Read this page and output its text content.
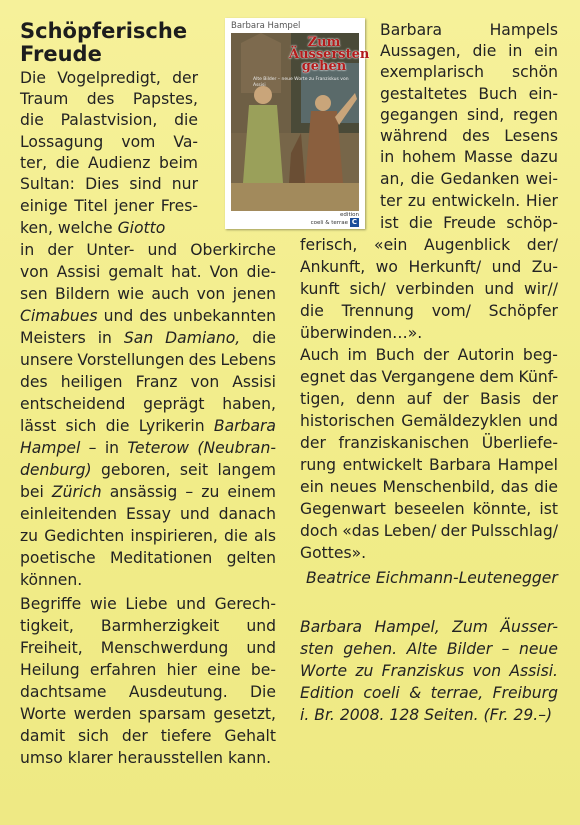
Schöpferische
Freude
Barbara Hampel
Zum
Äussersten
gehen
Alte Bilder – neue Worte zu Franziskus von Assisi
edition
coeli & terrae C
Die Vogelpredigt, der
Traum des Papstes,
die Palastvision, die
Lossagung vom Va-
ter, die Audienz beim
Sultan: Dies sind nur
einige Titel jener Fres-
ken, welche Giotto
in der Unter- und Oberkirche
von Assisi gemalt hat. Von die-
sen Bildern wie auch von jenen
Cimabues und des unbekannten
Meisters in San Damiano, die
unsere Vorstellungen des Lebens
des heiligen Franz von Assisi
entscheidend geprägt haben,
lässt sich die Lyrikerin Barbara
Hampel – in Teterow (Neubran-
denburg) geboren, seit langem
bei Zürich ansässig – zu einem
einleitenden Essay und danach
zu Gedichten inspirieren, die als
poetische Meditationen gelten
können.
Begriffe wie Liebe und Gerech-
tigkeit, Barmherzigkeit und
Freiheit, Menschwerdung und
Heilung erfahren hier eine be-
dachtsame Ausdeutung. Die
Worte werden sparsam gesetzt,
damit sich der tiefere Gehalt
umso klarer herausstellen kann.
Barbara	Hampels
Aussagen, die in ein
exemplarisch schön
gestaltetes Buch ein-
gegangen sind, regen
während des Lesens
in hohem Masse dazu
an, die Gedanken wei-
ter zu entwickeln. Hier
ist die Freude schöp-
ferisch, «ein Augenblick der/
Ankunft, wo Herkunft/ und Zu-
kunft sich/ verbinden und wir//
die Trennung vom/ Schöpfer
überwinden…».
Auch im Buch der Autorin beg-
egnet das Vergangene dem Künf-
tigen, denn auf der Basis der
historischen Gemäldezyklen und
der franziskanischen Überliefe-
rung entwickelt Barbara Hampel
ein neues Menschenbild, das die
Gegenwart beseelen könnte, ist
doch «das Leben/ der Pulsschlag/
Gottes».
Beatrice Eichmann-Leutenegger
Barbara Hampel, Zum Äusser-
sten gehen. Alte Bilder – neue
Worte zu Franziskus von Assisi.
Edition coeli & terrae, Freiburg
i. Br. 2008. 128 Seiten. (Fr. 29.–)
